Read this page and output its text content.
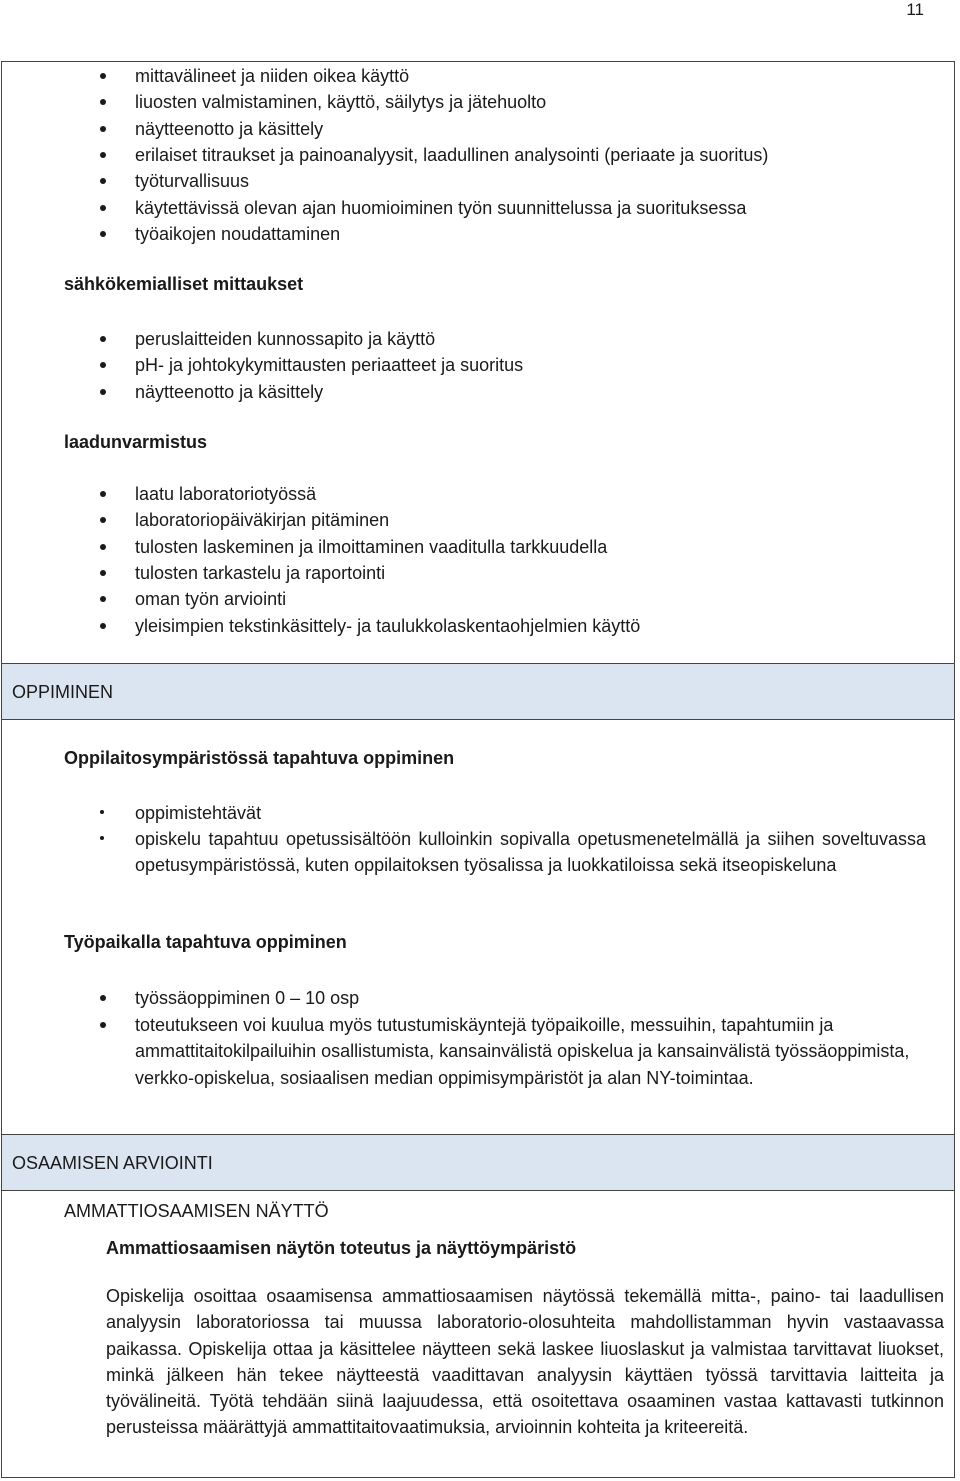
11
mittavälineet ja niiden oikea käyttö
liuosten valmistaminen, käyttö, säilytys ja jätehuolto
näytteenotto ja käsittely
erilaiset titraukset ja painoanalyysit, laadullinen analysointi (periaate ja suoritus)
työturvallisuus
käytettävissä olevan ajan huomioiminen työn suunnittelussa ja suorituksessa
työaikojen noudattaminen
sähkökemialliset mittaukset
peruslaitteiden kunnossapito ja käyttö
pH- ja johtokykymittausten periaatteet ja suoritus
näytteenotto ja käsittely
laadunvarmistus
laatu laboratoriotyössä
laboratoriopäiväkirjan pitäminen
tulosten laskeminen ja ilmoittaminen vaaditulla tarkkuudella
tulosten tarkastelu ja raportointi
oman työn arviointi
yleisimpien tekstinkäsittely- ja taulukkolaskentaohjelmien käyttö
OPPIMINEN
Oppilaitosympäristössä tapahtuva oppiminen
oppimistehtävät
opiskelu tapahtuu opetussisältöön kulloinkin sopivalla opetusmenetelmällä ja siihen soveltuvassa opetusympäristössä, kuten oppilaitoksen työsalissa ja luokkatiloissa sekä itseopiskeluna
Työpaikalla tapahtuva oppiminen
työssäoppiminen 0 – 10 osp
toteutukseen voi kuulua myös tutustumiskäyntejä työpaikoille, messuihin, tapahtumiin ja ammattitaitokilpailuihin osallistumista, kansainvälistä opiskelua ja kansainvälistä työssäoppimista, verkko-opiskelua, sosiaalisen median oppimisympäristöt ja alan NY-toimintaa.
OSAAMISEN ARVIOINTI
AMMATTIOSAAMISEN NÄYTTÖ
Ammattiosaamisen näytön toteutus ja näyttöympäristö
Opiskelija osoittaa osaamisensa ammattiosaamisen näytössä tekemällä mitta-, paino- tai laadullisen analyysin laboratoriossa tai muussa laboratorio-olosuhteita mahdollistamman hyvin vastaavassa paikassa. Opiskelija ottaa ja käsittelee näytteen sekä laskee liuoslaskut ja valmistaa tarvittavat liuokset, minkä jälkeen hän tekee näytteestä vaadittavan analyysin käyttäen työssä tarvittavia laitteita ja työvälineitä. Työtä tehdään siinä laajuudessa, että osoitettava osaaminen vastaa kattavasti tutkinnon perusteissa määrättyjä ammattitaitovaatimuksia, arvioinnin kohteita ja kriteereitä.
